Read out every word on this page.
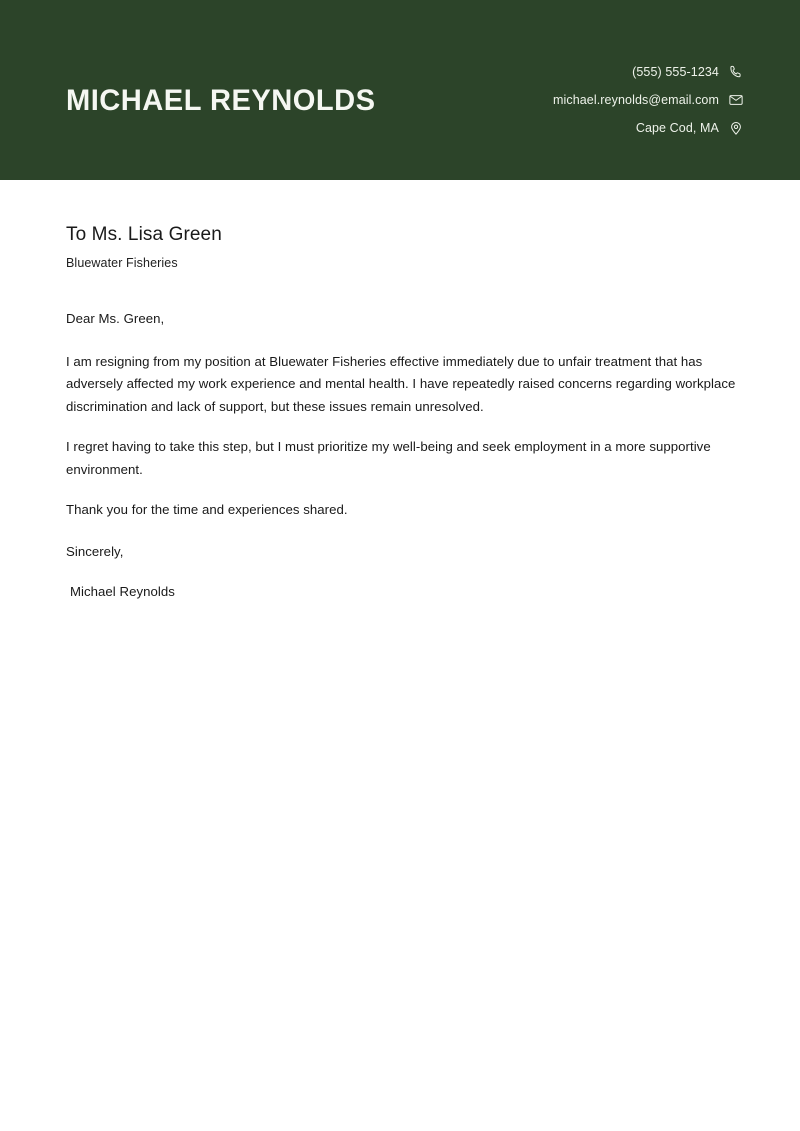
MICHAEL REYNOLDS
(555) 555-1234
michael.reynolds@email.com
Cape Cod, MA

To Ms. Lisa Green

Bluewater Fisheries

Dear Ms. Green,

I am resigning from my position at Bluewater Fisheries effective immediately due to unfair treatment that has adversely affected my work experience and mental health. I have repeatedly raised concerns regarding workplace discrimination and lack of support, but these issues remain unresolved.

I regret having to take this step, but I must prioritize my well-being and seek employment in a more supportive environment.

Thank you for the time and experiences shared.

Sincerely,

Michael Reynolds
